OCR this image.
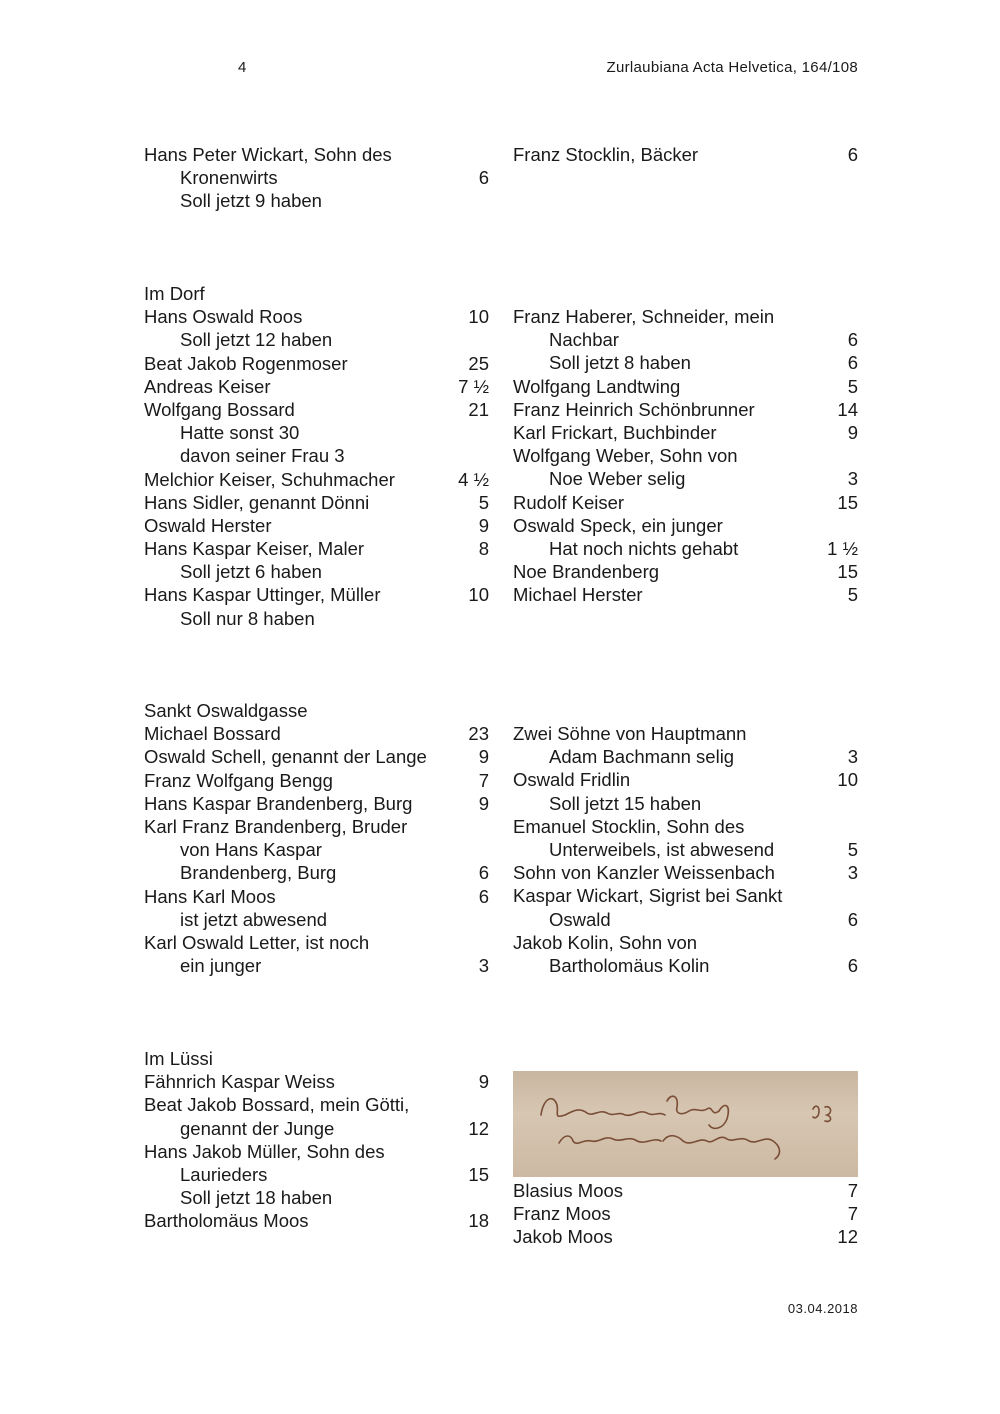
4	Zurlaubiana Acta Helvetica, 164/108
Hans Peter Wickart, Sohn des
Kronenwirts	6
Soll jetzt 9 haben
Franz Stocklin, Bäcker	6
Im Dorf
Hans Oswald Roos	10
Soll jetzt 12 haben
Beat Jakob Rogenmoser	25
Andreas Keiser	7 ½
Wolfgang Bossard	21
Hatte sonst 30
davon seiner Frau 3
Melchior Keiser, Schuhmacher	4 ½
Hans Sidler, genannt Dönni	5
Oswald Herster	9
Hans Kaspar Keiser, Maler	8
Soll jetzt 6 haben
Hans Kaspar Uttinger, Müller	10
Soll nur 8 haben
Franz Haberer, Schneider, mein
Nachbar	6
Soll jetzt 8 haben	6
Wolfgang Landtwing	5
Franz Heinrich Schönbrunner	14
Karl Frickart, Buchbinder	9
Wolfgang Weber, Sohn von
Noe Weber selig	3
Rudolf Keiser	15
Oswald Speck, ein junger
Hat noch nichts gehabt	1 ½
Noe Brandenberg	15
Michael Herster	5
Sankt Oswaldgasse
Michael Bossard	23
Oswald Schell, genannt der Lange	9
Franz Wolfgang Bengg	7
Hans Kaspar Brandenberg, Burg	9
Karl Franz Brandenberg, Bruder
von Hans Kaspar
Brandenberg, Burg	6
Hans Karl Moos	6
ist jetzt abwesend
Karl Oswald Letter, ist noch
ein junger	3
Zwei Söhne von Hauptmann
Adam Bachmann selig	3
Oswald Fridlin	10
Soll jetzt 15 haben
Emanuel Stocklin, Sohn des
Unterweibels, ist abwesend	5
Sohn von Kanzler Weissenbach	3
Kaspar Wickart, Sigrist bei Sankt
Oswald	6
Jakob Kolin, Sohn von
Bartholomäus Kolin	6
Im Lüssi
Fähnrich Kaspar Weiss	9
Beat Jakob Bossard, mein Götti,
genannt der Junge	12
Hans Jakob Müller, Sohn des
Laurieders	15
Soll jetzt 18 haben
Bartholomäus Moos	18
Blasius Moos	7
Franz Moos	7
Jakob Moos	12
03.04.2018
